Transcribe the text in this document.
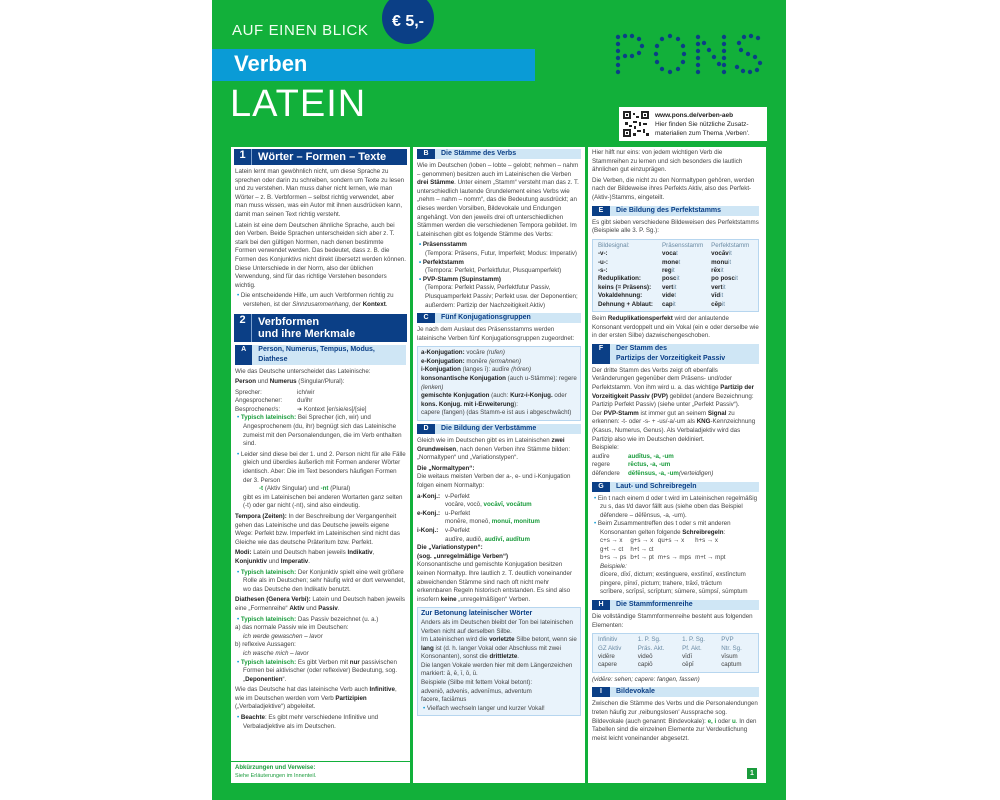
AUF EINEN BLICK
€ 5,-
Verben
LATEIN	www.pons.de/verben-aeb
Hier finden Sie nützliche Zusatz-
materialien zum Thema ‚Verben'.
1	Wörter – Formen – Texte

Latein lernt man gewöhnlich nicht, um diese Sprache zu sprechen oder darin zu schreiben, sondern um Texte zu lesen und zu verstehen. Man muss daher nicht lernen, wie man Wörter – z. B. Verbformen – selbst richtig verwendet, aber man muss wissen, was ein Autor mit ihnen ausdrücken kann, damit man seinen Text richtig versteht.

Latein ist eine dem Deutschen ähnliche Sprache, auch bei den Verben. Beide Sprachen unterscheiden sich aber z. T. stark bei den gültigen Normen, nach denen bestimmte Formen verwendet werden. Das bedeutet, dass z. B. die Formen des Konjunktivs nicht direkt übersetzt werden können. Diese Unterschiede in der Norm, also der üblichen Verwendung, sind für das richtige Verstehen besonders wichtig.

• Die entscheidende Hilfe, um auch Verbformen richtig zu verstehen, ist der Sinnzusammenhang, der Kontext.

2	Verbformen
und ihre Merkmale
A	Person, Numerus, Tempus, Modus, Diathese

Wie das Deutsche unterscheidet das Lateinische:

Person und Numerus (Singular/Plural):

Sprecher:	ich/wir
Angesprochener:	du/ihr
Besprochener/s:	➔ Kontext [er/sie/es]/[sie]

• Typisch lateinisch: Bei Sprecher (ich, wir) und Angesprochenem (du, ihr) begnügt sich das Lateinische zumeist mit den Personalendungen, die im Verb enthalten sind.

• Leider sind diese bei der 1. und 2. Person nicht für alle Fälle gleich und überdies äußerlich mit Formen anderer Wörter identisch. Aber: Die im Text besonders häufigen Formen der 3. Person
-t (Aktiv Singular) und -nt (Plural)
gibt es im Lateinischen bei anderen Wortarten ganz selten (-t) oder gar nicht (-nt), sind also eindeutig.

Tempora (Zeiten): In der Beschreibung der Vergangenheit gehen das Lateinische und das Deutsche jeweils eigene Wege: Perfekt bzw. Imperfekt im Lateinischen sind nicht das Gleiche wie das deutsche Präteritum bzw. Perfekt.

Modi: Latein und Deutsch haben jeweils Indikativ, Konjunktiv und Imperativ.

• Typisch lateinisch: Der Konjunktiv spielt eine weit größere Rolle als im Deutschen; sehr häufig wird er dort verwendet, wo das Deutsche den Indikativ benutzt.

Diathesen (Genera Verbi): Latein und Deutsch haben jeweils eine „Formenreihe“ Aktiv und Passiv.

• Typisch lateinisch: Das Passiv bezeichnet (u. a.)

a) das normale Passiv wie im Deutschen:
ich werde gewaschen – lavor
b) reflexive Aussagen:
ich wasche mich – lavor

• Typisch lateinisch: Es gibt Verben mit nur passivischen Formen bei aktivischer (oder reflexiver) Bedeutung, sog. „Deponentien“.

Wie das Deutsche hat das lateinische Verb auch Infinitive, wie im Deutschen werden vom Verb Partizipien („Verbaladjektive“) abgeleitet.

• Beachte: Es gibt mehr verschiedene Infinitive und Verbaladjektive als im Deutschen.

Abkürzungen und Verweise:
Siehe Erläuterungen im Innenteil.
B	Die Stämme des Verbs

Wie im Deutschen (loben – lobte – gelobt; nehmen – nahm – genommen) besitzen auch im Lateinischen die Verben drei Stämme. Unter einem „Stamm“ versteht man das z. T. unterschiedlich lautende Grundelement eines Verbs wie „nehm – nahm – nomm“, das die Bedeutung ausdrückt; an dieses werden Vorsilben, Bildevokale und Endungen angehängt. Von den jeweils drei oft unterschiedlichen Stämmen werden die verschiedenen Tempora gebildet. Im Lateinischen gibt es folgende Stämme des Verbs:

• Präsensstamm
(Tempora: Präsens, Futur, Imperfekt; Modus: Imperativ)
• Perfektstamm
(Tempora: Perfekt, Perfektfutur, Plusquamperfekt)
• PVP-Stamm (Supinstamm)
(Tempora: Perfekt Passiv, Perfektfutur Passiv, Plusquamperfekt Passiv; Perfekt usw. der Deponentien; außerdem: Partizip der Nachzeitigkeit Aktiv)
C	Fünf Konjugationsgruppen

Je nach dem Auslaut des Präsensstamms werden lateinische Verben fünf Konjugationsgruppen zugeordnet:

a-Konjugation: vocāre (rufen)
e-Konjugation: monēre (ermahnen)
i-Konjugation (langes ī): audīre (hören)
konsonantische Konjugation (auch u-Stämme): regere (lenken)
gemischte Konjugation (auch: Kurz-i-Konjug. oder kons. Konjug. mit i-Erweiterung):
capere (fangen) (das Stamm-e ist aus i abgeschwächt)
D	Die Bildung der Verbstämme

Gleich wie im Deutschen gibt es im Lateinischen zwei Grundweisen, nach denen Verben ihre Stämme bilden: „Normaltypen“ und „Variationstypen“.

Die „Normaltypen“:

Die weitaus meisten Verben der a-, e- und i-Konjugation folgen einem Normaltyp:

a-Konj.: v-Perfekt
vocāre, vocō, vocāvī, vocātum
e-Konj.: u-Perfekt
monēre, moneō, monuī, monitum
i-Konj.:	v-Perfekt
audīre, audiō, audīvī, audītum
Die „Variationstypen“:
(sog. „unregelmäßige Verben“)

Konsonantische und gemischte Konjugation besitzen keinen Normaltyp. Ihre lautlich z. T. deutlich voneinander abweichenden Stämme sind nach oft nicht mehr erkennbaren Regeln historisch entstanden. Es sind also insofern keine „unregelmäßigen“ Verben.

Zur Betonung lateinischer Wörter
Anders als im Deutschen bleibt der Ton bei lateinischen Verben nicht auf derselben Silbe.
Im Lateinischen wird die vorletzte Silbe betont, wenn sie lang ist (d. h. langer Vokal oder Abschluss mit zwei Konsonanten), sonst die drittletzte.
Die langen Vokale werden hier mit dem Längenzeichen markiert: ā, ē, ī, ō, ū.
Beispiele (Silbe mit fettem Vokal betont):
adveniō, advenis, advenīmus, adventum
facere, faciāmus
• Vielfach wechseln langer und kurzer Vokal!

Hier hilft nur eins: von jedem wichtigen Verb die Stammreihen zu lernen und sich besonders die lautlich ähnlichen gut einzuprägen.

Die Verben, die nicht zu den Normaltypen gehören, werden nach der Bildeweise ihres Perfekts Aktiv, also des Perfekt-(Aktiv-)Stamms, eingeteilt.

E	Die Bildung des Perfektstamms

Es gibt sieben verschiedene Bildeweisen des Perfektstamms (Beispiele alle 3. P. Sg.):

Bildesignal:	Präsensstamm	Perfektstamm
-v-:	vocat	vocāvit
-u-:	monet	monuit
-s-:	regit	rēxit
Reduplikation:	poscit	po poscit
keins (= Präsens):	vertit	vertit
Vokaldehnung:	videt	vīdit
Dehnung + Ablaut:	capit	cēpit

Beim Reduplikationsperfekt wird der anlautende Konsonant verdoppelt und ein Vokal (ein e oder derselbe wie in der ersten Silbe) dazwischengeschoben.

F	Der Stamm des
Partizips der Vorzeitigkeit Passiv
Der dritte Stamm des Verbs zeigt oft ebenfalls Veränderungen gegenüber dem Präsens- und/oder Perfektstamm. Von ihm wird u. a. das wichtige Partizip der Vorzeitigkeit Passiv (PVP) gebildet (andere Bezeichnung: Partizip Perfekt Passiv) (siehe unter „Perfekt Passiv“).
Der PVP-Stamm ist immer gut an seinem Signal zu erkennen: -t- oder -s- + -us/-a/-um als KNG-Kennzeichnung (Kasus, Numerus, Genus). Als Verbaladjektiv wird das Partizip also wie im Deutschen dekliniert.
Beispiele:
audīre	audītus, -a, -um
regere	rēctus, -a, -um
dēfendere	dēfēnsus, -a, -um (verteidigen)
G	Laut- und Schreibregeln
• Ein t nach einem d oder t wird im Lateinischen regelmäßig zu s, das t/d davor fällt aus (siehe oben das Beispiel dēfendere – dēfēnsus, -a, -um).
• Beim Zusammentreffen des t oder s mit anderen Konsonanten gelten folgende Schreibregeln:
c+s → x	g+s → x	qu+s → x	h+s → x
g+t → ct	h+t → ct		
b+s → ps	b+t → pt	m+s → mps	m+t → mpt
Beispiele:
dīcere, dīxī, dictum; exstinguere, exstīnxī, exstīnctum
pingere, pīnxī, pictum; trahere, trāxī, trāctum
scrībere, scrīpsī, scrīptum; sūmere, sūmpsī, sūmptum
H	Die Stammformenreihe

Die vollständige Stammformenreihe besteht aus folgenden Elementen:

Infinitiv	1. P. Sg.	1. P. Sg.	PVP
GZ Aktiv	Präs. Akt.	Pf. Akt.	Ntr. Sg.
vidēre	videō	vīdī	vīsum
capere	capiō	cēpī	captum

(vidēre: sehen; capere: fangen, fassen)

I	Bildevokale

Zwischen die Stämme des Verbs und die Personalendungen treten häufig zur ‚reibungslosen' Aussprache sog. Bildevokale (auch genannt: Bindevokale): e, i oder u. In den Tabellen sind die einzelnen Elemente zur Verdeutlichung meist leicht voneinander abgesetzt.

1
